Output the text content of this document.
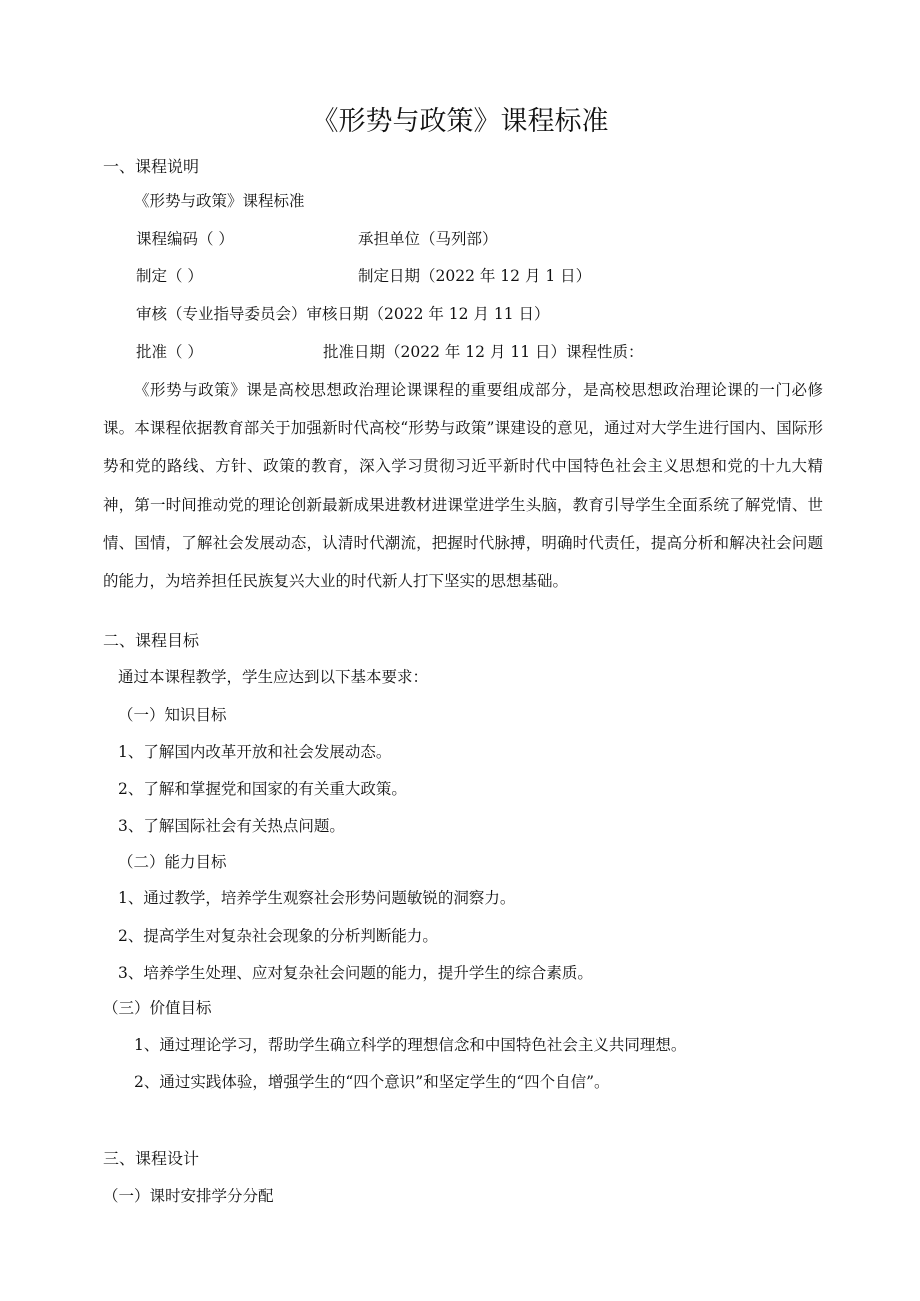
《形势与政策》课程标准
一、课程说明
《形势与政策》课程标准
课程编码（ ）	承担单位（马列部）
制定（ ）	制定日期（2022 年 12 月 1 日）
审核（专业指导委员会）审核日期（2022 年 12 月 11 日）
批准（ ）	批准日期（2022 年 12 月 11 日）课程性质：
《形势与政策》课是高校思想政治理论课课程的重要组成部分，是高校思想政治理论课的一门必修课。本课程依据教育部关于加强新时代高校“形势与政策”课建设的意见，通过对大学生进行国内、国际形势和党的路线、方针、政策的教育，深入学习贯彻习近平新时代中国特色社会主义思想和党的十九大精神，第一时间推动党的理论创新最新成果进教材进课堂进学生头脑，教育引导学生全面系统了解党情、世情、国情，了解社会发展动态，认清时代潮流，把握时代脉搏，明确时代责任，提高分析和解决社会问题的能力，为培养担任民族复兴大业的时代新人打下坚实的思想基础。
二、课程目标
通过本课程教学，学生应达到以下基本要求：
（一）知识目标
1、了解国内改革开放和社会发展动态。
2、了解和掌握党和国家的有关重大政策。
3、了解国际社会有关热点问题。
（二）能力目标
1、通过教学，培养学生观察社会形势问题敏锐的洞察力。
2、提高学生对复杂社会现象的分析判断能力。
3、培养学生处理、应对复杂社会问题的能力，提升学生的综合素质。
（三）价值目标
1、通过理论学习，帮助学生确立科学的理想信念和中国特色社会主义共同理想。
2、通过实践体验，增强学生的“四个意识”和坚定学生的“四个自信”。
三、课程设计
（一）课时安排学分分配
